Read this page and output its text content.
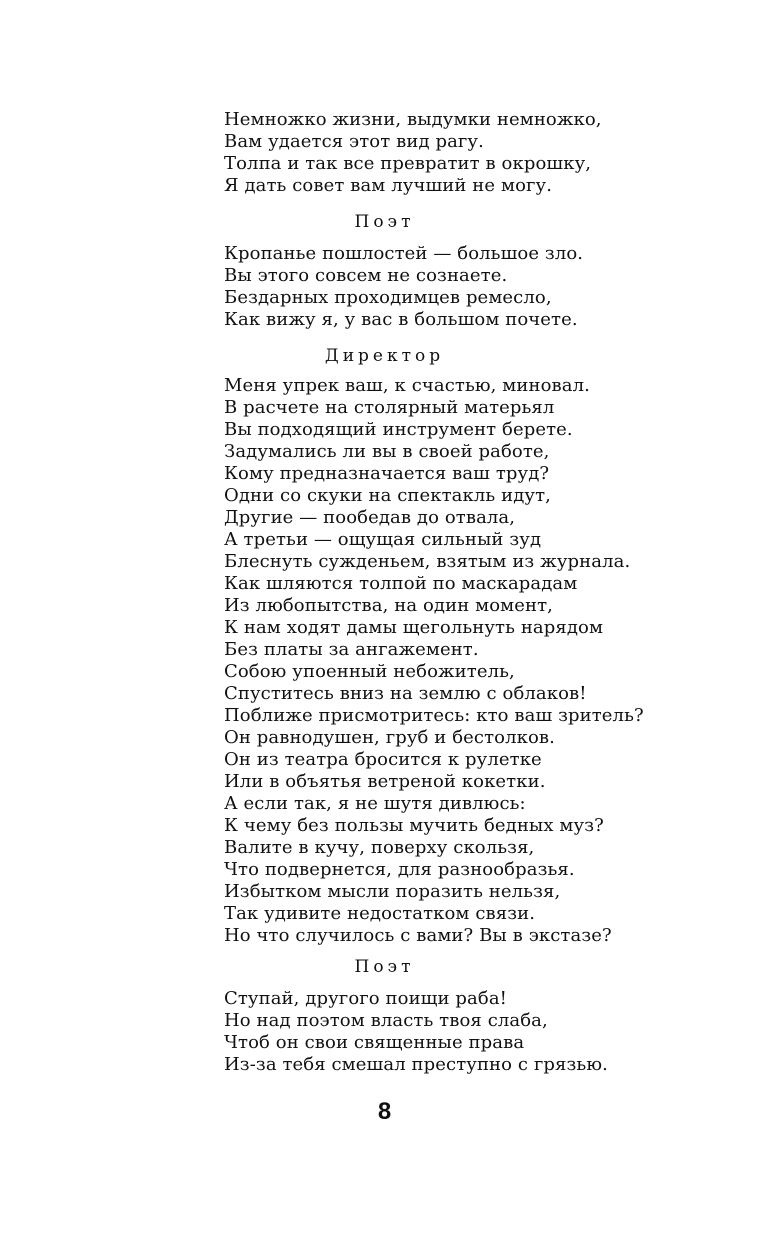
Немножко жизни, выдумки немножко,
Вам удается этот вид рагу.
Толпа и так все превратит в окрошку,
Я дать совет вам лучший не могу.
Поэт
Кропанье пошлостей — большое зло.
Вы этого совсем не сознаете.
Бездарных проходимцев ремесло,
Как вижу я, у вас в большом почете.
Директор
Меня упрек ваш, к счастью, миновал.
В расчете на столярный матерьял
Вы подходящий инструмент берете.
Задумались ли вы в своей работе,
Кому предназначается ваш труд?
Одни со скуки на спектакль идут,
Другие — пообедав до отвала,
А третьи — ощущая сильный зуд
Блеснуть сужденьем, взятым из журнала.
Как шляются толпой по маскарадам
Из любопытства, на один момент,
К нам ходят дамы щегольнуть нарядом
Без платы за ангажемент.
Собою упоенный небожитель,
Спуститесь вниз на землю с облаков!
Поближе присмотритесь: кто ваш зритель?
Он равнодушен, груб и бестолков.
Он из театра бросится к рулетке
Или в объятья ветреной кокетки.
А если так, я не шутя дивлюсь:
К чему без пользы мучить бедных муз?
Валите в кучу, поверху скользя,
Что подвернется, для разнообразья.
Избытком мысли поразить нельзя,
Так удивите недостатком связи.
Но что случилось с вами? Вы в экстазе?
Поэт
Ступай, другого поищи раба!
Но над поэтом власть твоя слаба,
Чтоб он свои священные права
Из-за тебя смешал преступно с грязью.
8
